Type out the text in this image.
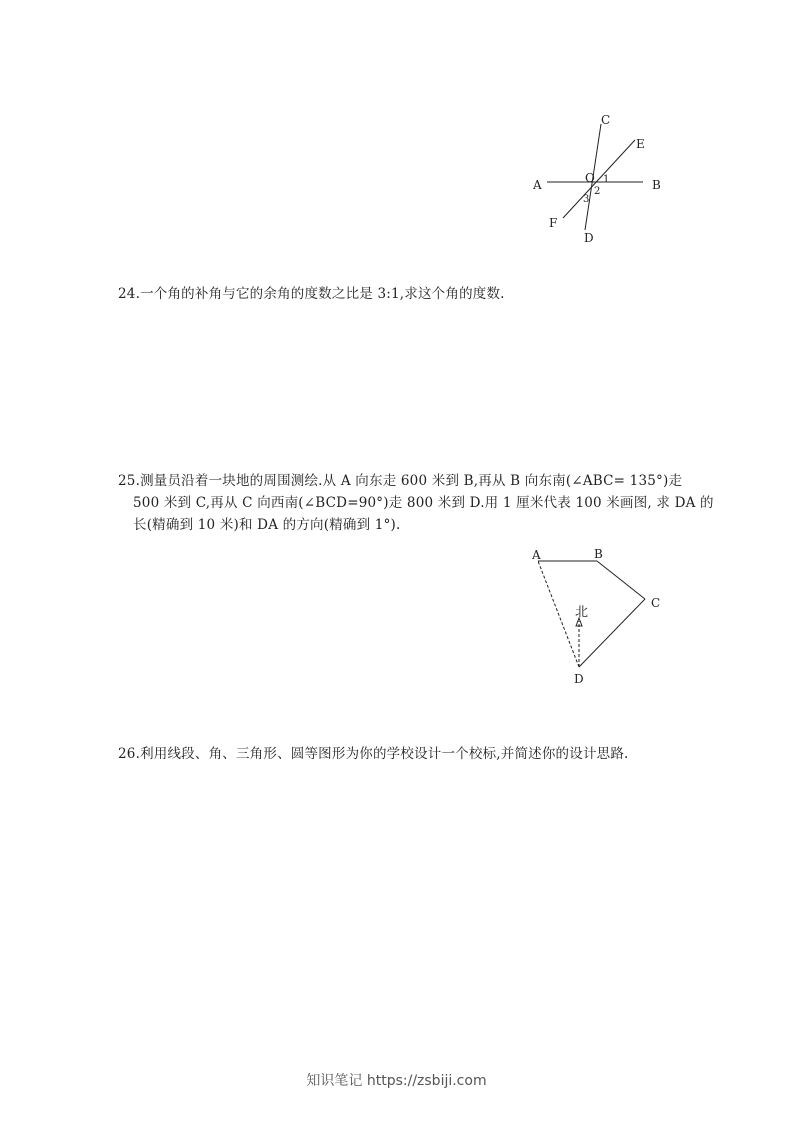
C
E
O 1
A	B
2
3
F
D
24.一个角的补角与它的余角的度数之比是 3:1,求这个角的度数.
25.测量员沿着一块地的周围测绘.从 A 向东走 600 米到 B,再从 B 向东南(∠ABC= 135°)走
500 米到 C,再从 C 向西南(∠BCD=90°)走 800 米到 D.用 1 厘米代表 100 米画图, 求 DA 的
长(精确到 10 米)和 DA 的方向(精确到 1°).
北
A	B
C
D
26.利用线段、角、三角形、圆等图形为你的学校设计一个校标,并简述你的设计思路.
知识笔记 https://zsbiji.com
